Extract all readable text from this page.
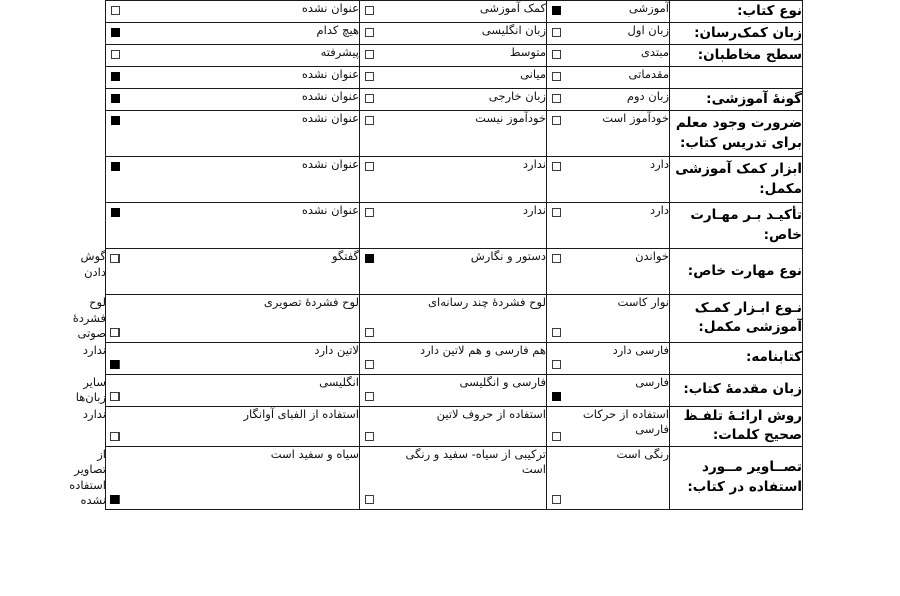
نوع کتاب:	آموزشی	کمک آموزشی	عنوان نشده	

زبان کمک‌رسان:	زبان اول	زبان انگلیسی	هیچ کدام	

سطح مخاطبان:	مبتدی	متوسط	پیشرفته	

	مقدماتی	میانی	عنوان نشده	

گونهٔ آموزشی:	زبان دوم	زبان خارجی	عنوان نشده	

ضرورت وجود معلم برای تدریس کتاب:	خودآموز است	خودآموز نیست	عنوان نشده	

ابزار کمک آموزشی مکمل:	دارد	ندارد	عنوان نشده	

تأکیـد بـر مهـارت خاص:	دارد	ندارد	عنوان نشده	

نوع مهارت خاص:	خواندن	دستور و نگارش	گفتگو	گوش دادن

نـوع ابـزار کمـک آموزشی مکمل:	نوار کاست	لوح فشردهٔ چند رسانه‌ای	لوح فشردهٔ تصویری	لوح فشردهٔ صوتی

کتابنامه:	فارسی دارد	هم فارسی و هم لاتین دارد	لاتین دارد	ندارد

زبان مقدمهٔ کتاب:	فارسی	فارسی و انگلیسی	انگلیسی	سایر زبان‌ها

روش ارائـهٔ تلفـظ صحیح کلمات:	استفاده از حرکات فارسی	استفاده از حروف لاتین	استفاده از الفبای آوانگار	ندارد

تصــاویر مــورد استفاده در کتاب:	رنگی است	ترکیبی از سیاه- سفید و رنگی است	سیاه و سفید است	از تصاویر استفاده نشده
